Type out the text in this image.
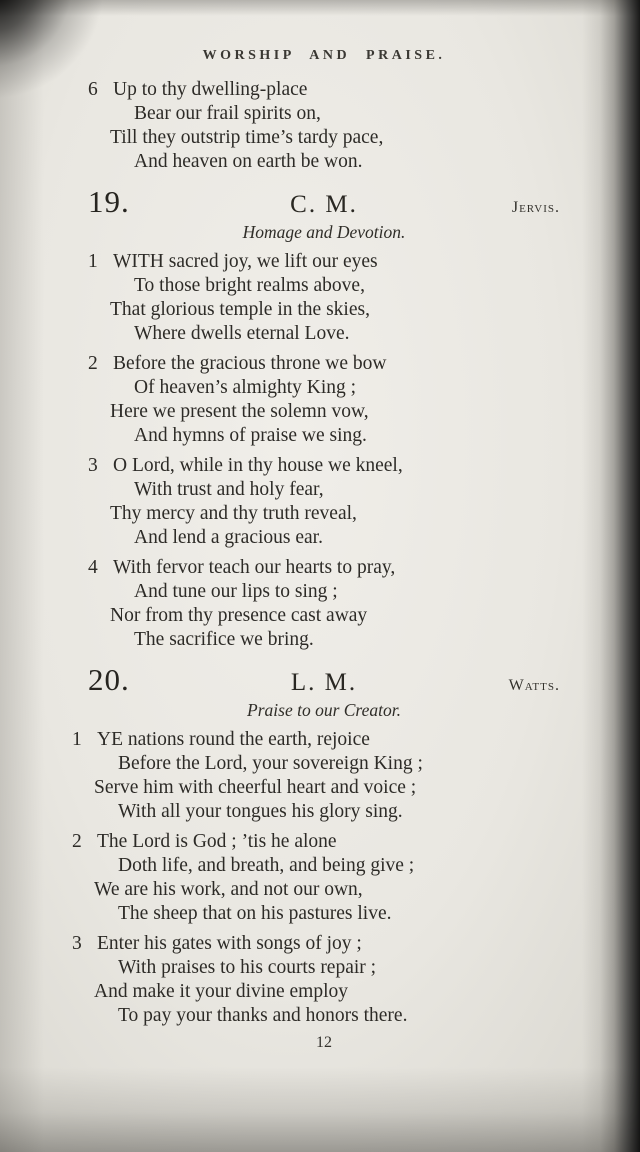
WORSHIP AND PRAISE.
6 Up to thy dwelling-place
Bear our frail spirits on,
Till they outstrip time’s tardy pace,
And heaven on earth be won.
19.	C. M.	Jervis.
Homage and Devotion.
1 WITH sacred joy, we lift our eyes
To those bright realms above,
That glorious temple in the skies,
Where dwells eternal Love.
2 Before the gracious throne we bow
Of heaven’s almighty King ;
Here we present the solemn vow,
And hymns of praise we sing.
3 O Lord, while in thy house we kneel,
With trust and holy fear,
Thy mercy and thy truth reveal,
And lend a gracious ear.
4 With fervor teach our hearts to pray,
And tune our lips to sing ;
Nor from thy presence cast away
The sacrifice we bring.
20.	L. M.	Watts.
Praise to our Creator.
1 YE nations round the earth, rejoice
Before the Lord, your sovereign King ;
Serve him with cheerful heart and voice ;
With all your tongues his glory sing.
2 The Lord is God ; ’tis he alone
Doth life, and breath, and being give ;
We are his work, and not our own,
The sheep that on his pastures live.
3 Enter his gates with songs of joy ;
With praises to his courts repair ;
And make it your divine employ
To pay your thanks and honors there.
12
